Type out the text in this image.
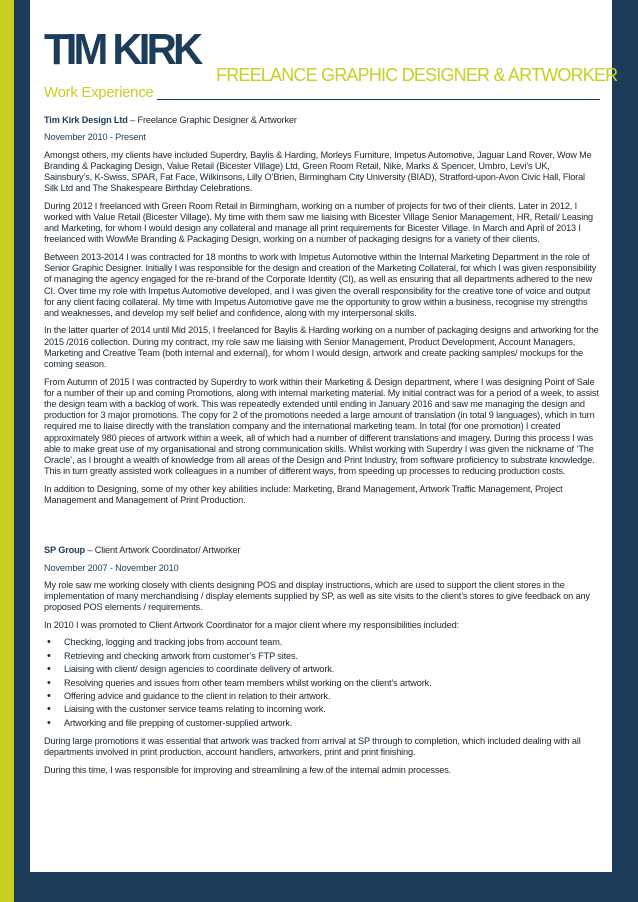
TIM KIRK
FREELANCE GRAPHIC DESIGNER & ARTWORKER
Work Experience

Tim Kirk Design Ltd – Freelance Graphic Designer & Artworker

November 2010 - Present

Amongst others, my clients have included Superdry, Baylis & Harding, Morleys Furniture, Impetus Automotive, Jaguar Land Rover, Wow Me Branding & Packaging Design, Value Retail (Bicester Village) Ltd, Green Room Retail, Nike, Marks & Spencer, Umbro, Levi’s UK, Sainsbury’s, K-Swiss, SPAR, Fat Face, Wilkinsons, Lilly O’Brien, Birmingham City University (BIAD), Stratford-upon-Avon Civic Hall, Floral Silk Ltd and The Shakespeare Birthday Celebrations.

During 2012 I freelanced with Green Room Retail in Birmingham, working on a number of projects for two of their clients. Later in 2012, I worked with Value Retail (Bicester Village). My time with them saw me liaising with Bicester Village Senior Management, HR, Retail/ Leasing and Marketing, for whom I would design any collateral and manage all print requirements for Bicester Village. In March and April of 2013 I freelanced with WowMe Branding & Packaging Design, working on a number of packaging designs for a variety of their clients.

Between 2013-2014 I was contracted for 18 months to work with Impetus Automotive within the Internal Marketing Department in the role of Senior Graphic Designer. Initially I was responsible for the design and creation of the Marketing Collateral, for which I was given responsibility of managing the agency engaged for the re-brand of the Corporate Identity (CI), as well as ensuring that all departments adhered to the new CI. Over time my role with Impetus Automotive developed, and I was given the overall responsibility for the creative tone of voice and output for any client facing collateral. My time with Impetus Automotive gave me the opportunity to grow within a business, recognise my strengths and weaknesses, and develop my self belief and confidence, along with my interpersonal skills.

In the latter quarter of 2014 until Mid 2015, I freelanced for Baylis & Harding working on a number of packaging designs and artworking for the 2015 /2016 collection. During my contract, my role saw me liaising with Senior Management, Product Development, Account Managers, Marketing and Creative Team (both internal and external), for whom I would design, artwork and create packing samples/ mockups for the coming season.

From Autumn of 2015 I was contracted by Superdry to work within their Marketing & Design department, where I was designing Point of Sale for a number of their up and coming Promotions, along with internal marketing material. My initial contract was for a period of a week, to assist the design team with a backlog of work. This was repeatedly extended until ending in January 2016 and saw me managing the design and production for 3 major promotions. The copy for 2 of the promotions needed a large amount of translation (in total 9 languages), which in turn required me to liaise directly with the translation company and the international marketing team. In total (for one promotion) I created approximately 980 pieces of artwork within a week, all of which had a number of different translations and imagery. During this process I was able to make great use of my organisational and strong communication skills. Whilst working with Superdry I was given the nickname of ‘The Oracle’, as I brought a wealth of knowledge from all areas of the Design and Print Industry, from software proficiency to substrate knowledge. This in turn greatly assisted work colleagues in a number of different ways, from speeding up processes to reducing production costs.

In addition to Designing, some of my other key abilities include: Marketing, Brand Management, Artwork Traffic Management, Project Management and Management of Print Production.

SP Group – Client Artwork Coordinator/ Artworker

November 2007 - November 2010

My role saw me working closely with clients designing POS and display instructions, which are used to support the client stores in the implementation of many merchandising / display elements supplied by SP, as well as site visits to the client’s stores to give feedback on any proposed POS elements / requirements.

In 2010 I was promoted to Client Artwork Coordinator for a major client where my responsibilities included:

• Checking, logging and tracking jobs from account team.
• Retrieving and checking artwork from customer’s FTP sites.
• Liaising with client/ design agencies to coordinate delivery of artwork.
• Resolving queries and issues from other team members whilst working on the client’s artwork.
• Offering advice and guidance to the client in relation to their artwork.
• Liaising with the customer service teams relating to incoming work.
• Artworking and file prepping of customer-supplied artwork.

During large promotions it was essential that artwork was tracked from arrival at SP through to completion, which included dealing with all departments involved in print production, account handlers, artworkers, print and print finishing.

During this time, I was responsible for improving and streamlining a few of the internal admin processes.
